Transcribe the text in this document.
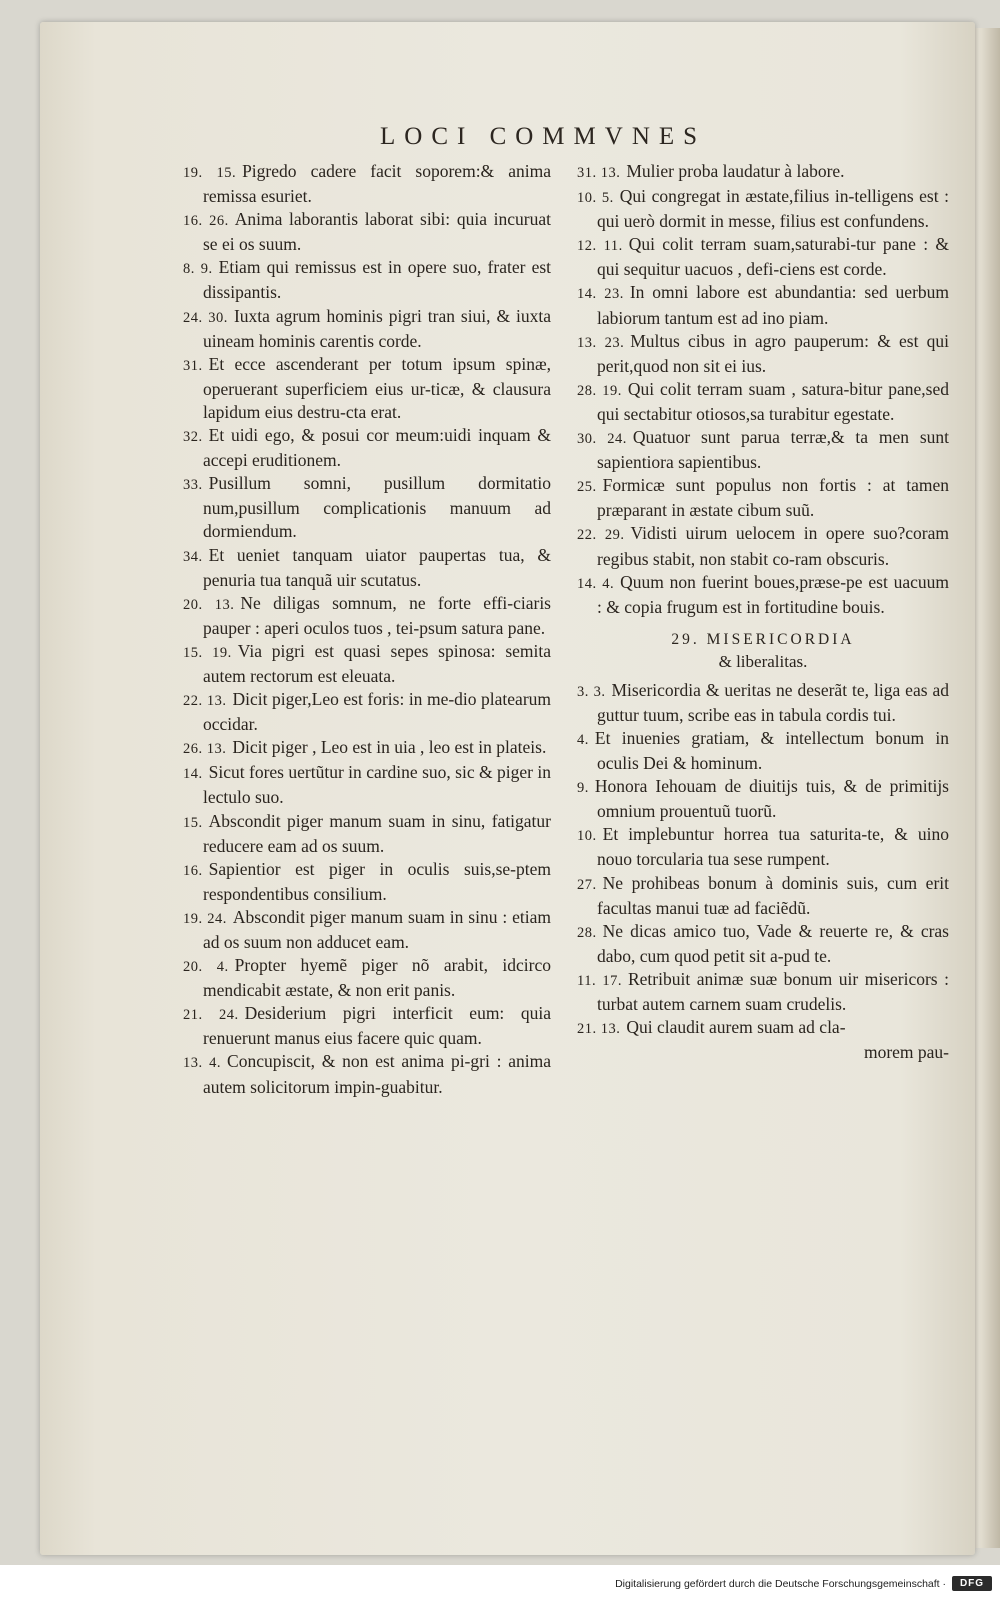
LOCI COMMVNES

19. 15. Pigredo cadere facit soporem:& anima remissa esuriet.

16. 26. Anima laborantis laborat sibi: quia incuruat se ei os suum.

8. 9. Etiam qui remissus est in opere suo, frater est dissipantis.

24. 30. Iuxta agrum hominis pigri tran siui, & iuxta uineam hominis carentis corde.

31. Et ecce ascenderant per totum ipsum spinæ, operuerant superficiem eius ur-ticæ, & clausura lapidum eius destru-cta erat.

32. Et uidi ego, & posui cor meum:uidi inquam & accepi eruditionem.

33. Pusillum somni, pusillum dormitatio num,pusillum complicationis manuum ad dormiendum.

34. Et ueniet tanquam uiator paupertas tua, & penuria tua tanquã uir scutatus.

20. 13. Ne diligas somnum, ne forte effi-ciaris pauper : aperi oculos tuos , tei-psum satura pane.

15. 19. Via pigri est quasi sepes spinosa: semita autem rectorum est eleuata.

22. 13. Dicit piger,Leo est foris: in me-dio platearum occidar.

26. 13. Dicit piger , Leo est in uia , leo est in plateis.

14. Sicut fores uertũtur in cardine suo, sic & piger in lectulo suo.

15. Abscondit piger manum suam in sinu, fatigatur reducere eam ad os suum.

16. Sapientior est piger in oculis suis,se-ptem respondentibus consilium.

19. 24. Abscondit piger manum suam in sinu : etiam ad os suum non adducet eam.

20. 4. Propter hyemẽ piger nõ arabit, idcirco mendicabit æstate, & non erit panis.

21. 24. Desiderium pigri interficit eum: quia renuerunt manus eius facere quic quam.

13. 4. Concupiscit, & non est anima pi-gri : anima autem solicitorum impin-guabitur.

31. 13. Mulier proba laudatur à labore.

10. 5. Qui congregat in æstate,filius in-telligens est : qui uerò dormit in messe, filius est confundens.

12. 11. Qui colit terram suam,saturabi-tur pane : & qui sequitur uacuos , defi-ciens est corde.

14. 23. In omni labore est abundantia: sed uerbum labiorum tantum est ad ino piam.

13. 23. Multus cibus in agro pauperum: & est qui perit,quod non sit ei ius.

28. 19. Qui colit terram suam , satura-bitur pane,sed qui sectabitur otiosos,sa turabitur egestate.

30. 24. Quatuor sunt parua terræ,& ta men sunt sapientiora sapientibus.

25. Formicæ sunt populus non fortis : at tamen præparant in æstate cibum suũ.

22. 29. Vidisti uirum uelocem in opere suo?coram regibus stabit, non stabit co-ram obscuris.

14. 4. Quum non fuerint boues,præse-pe est uacuum : & copia frugum est in fortitudine bouis.

29. MISERICORDIA
& liberalitas.

3. 3. Misericordia & ueritas ne deserãt te, liga eas ad guttur tuum, scribe eas in tabula cordis tui.

4. Et inuenies gratiam, & intellectum bonum in oculis Dei & hominum.

9. Honora Iehouam de diuitijs tuis, & de primitijs omnium prouentuũ tuorũ.

10. Et implebuntur horrea tua saturita-te, & uino nouo torcularia tua sese rumpent.

27. Ne prohibeas bonum à dominis suis, cum erit facultas manui tuæ ad faciẽdũ.

28. Ne dicas amico tuo, Vade & reuerte re, & cras dabo, cum quod petit sit a-pud te.

11. 17. Retribuit animæ suæ bonum uir misericors : turbat autem carnem suam crudelis.

21. 13. Qui claudit aurem suam ad cla-

morem pau-

Digitalisierung gefördert durch die Deutsche Forschungsgemeinschaft ·	DFG
